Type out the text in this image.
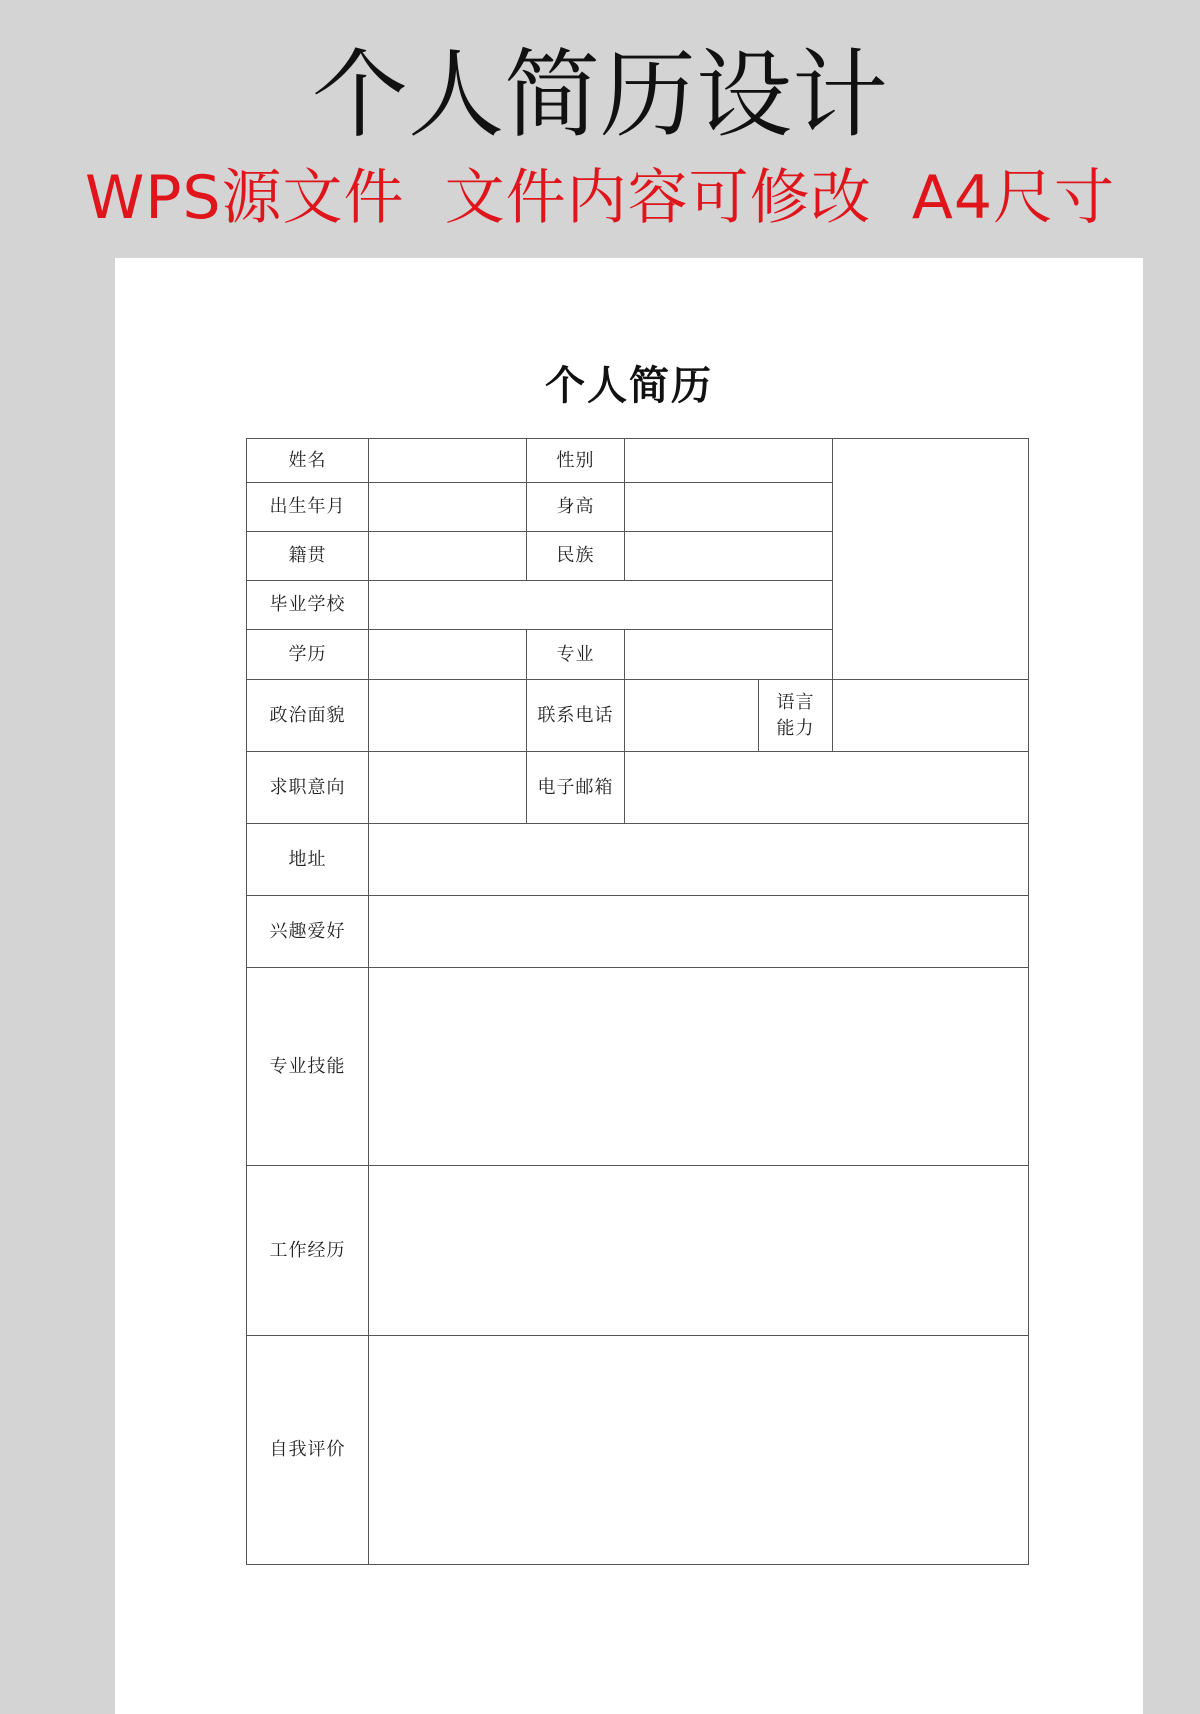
个人简历设计
WPS源文件  文件内容可修改  A4尺寸
个人简历
姓名		性别			
出生年月		身高			
籍贯		民族			
毕业学校					
学历		专业			
政治面貌		联系电话		语言
能力	
求职意向		电子邮箱			
地址					
兴趣爱好					
专业技能					
工作经历					
自我评价					
